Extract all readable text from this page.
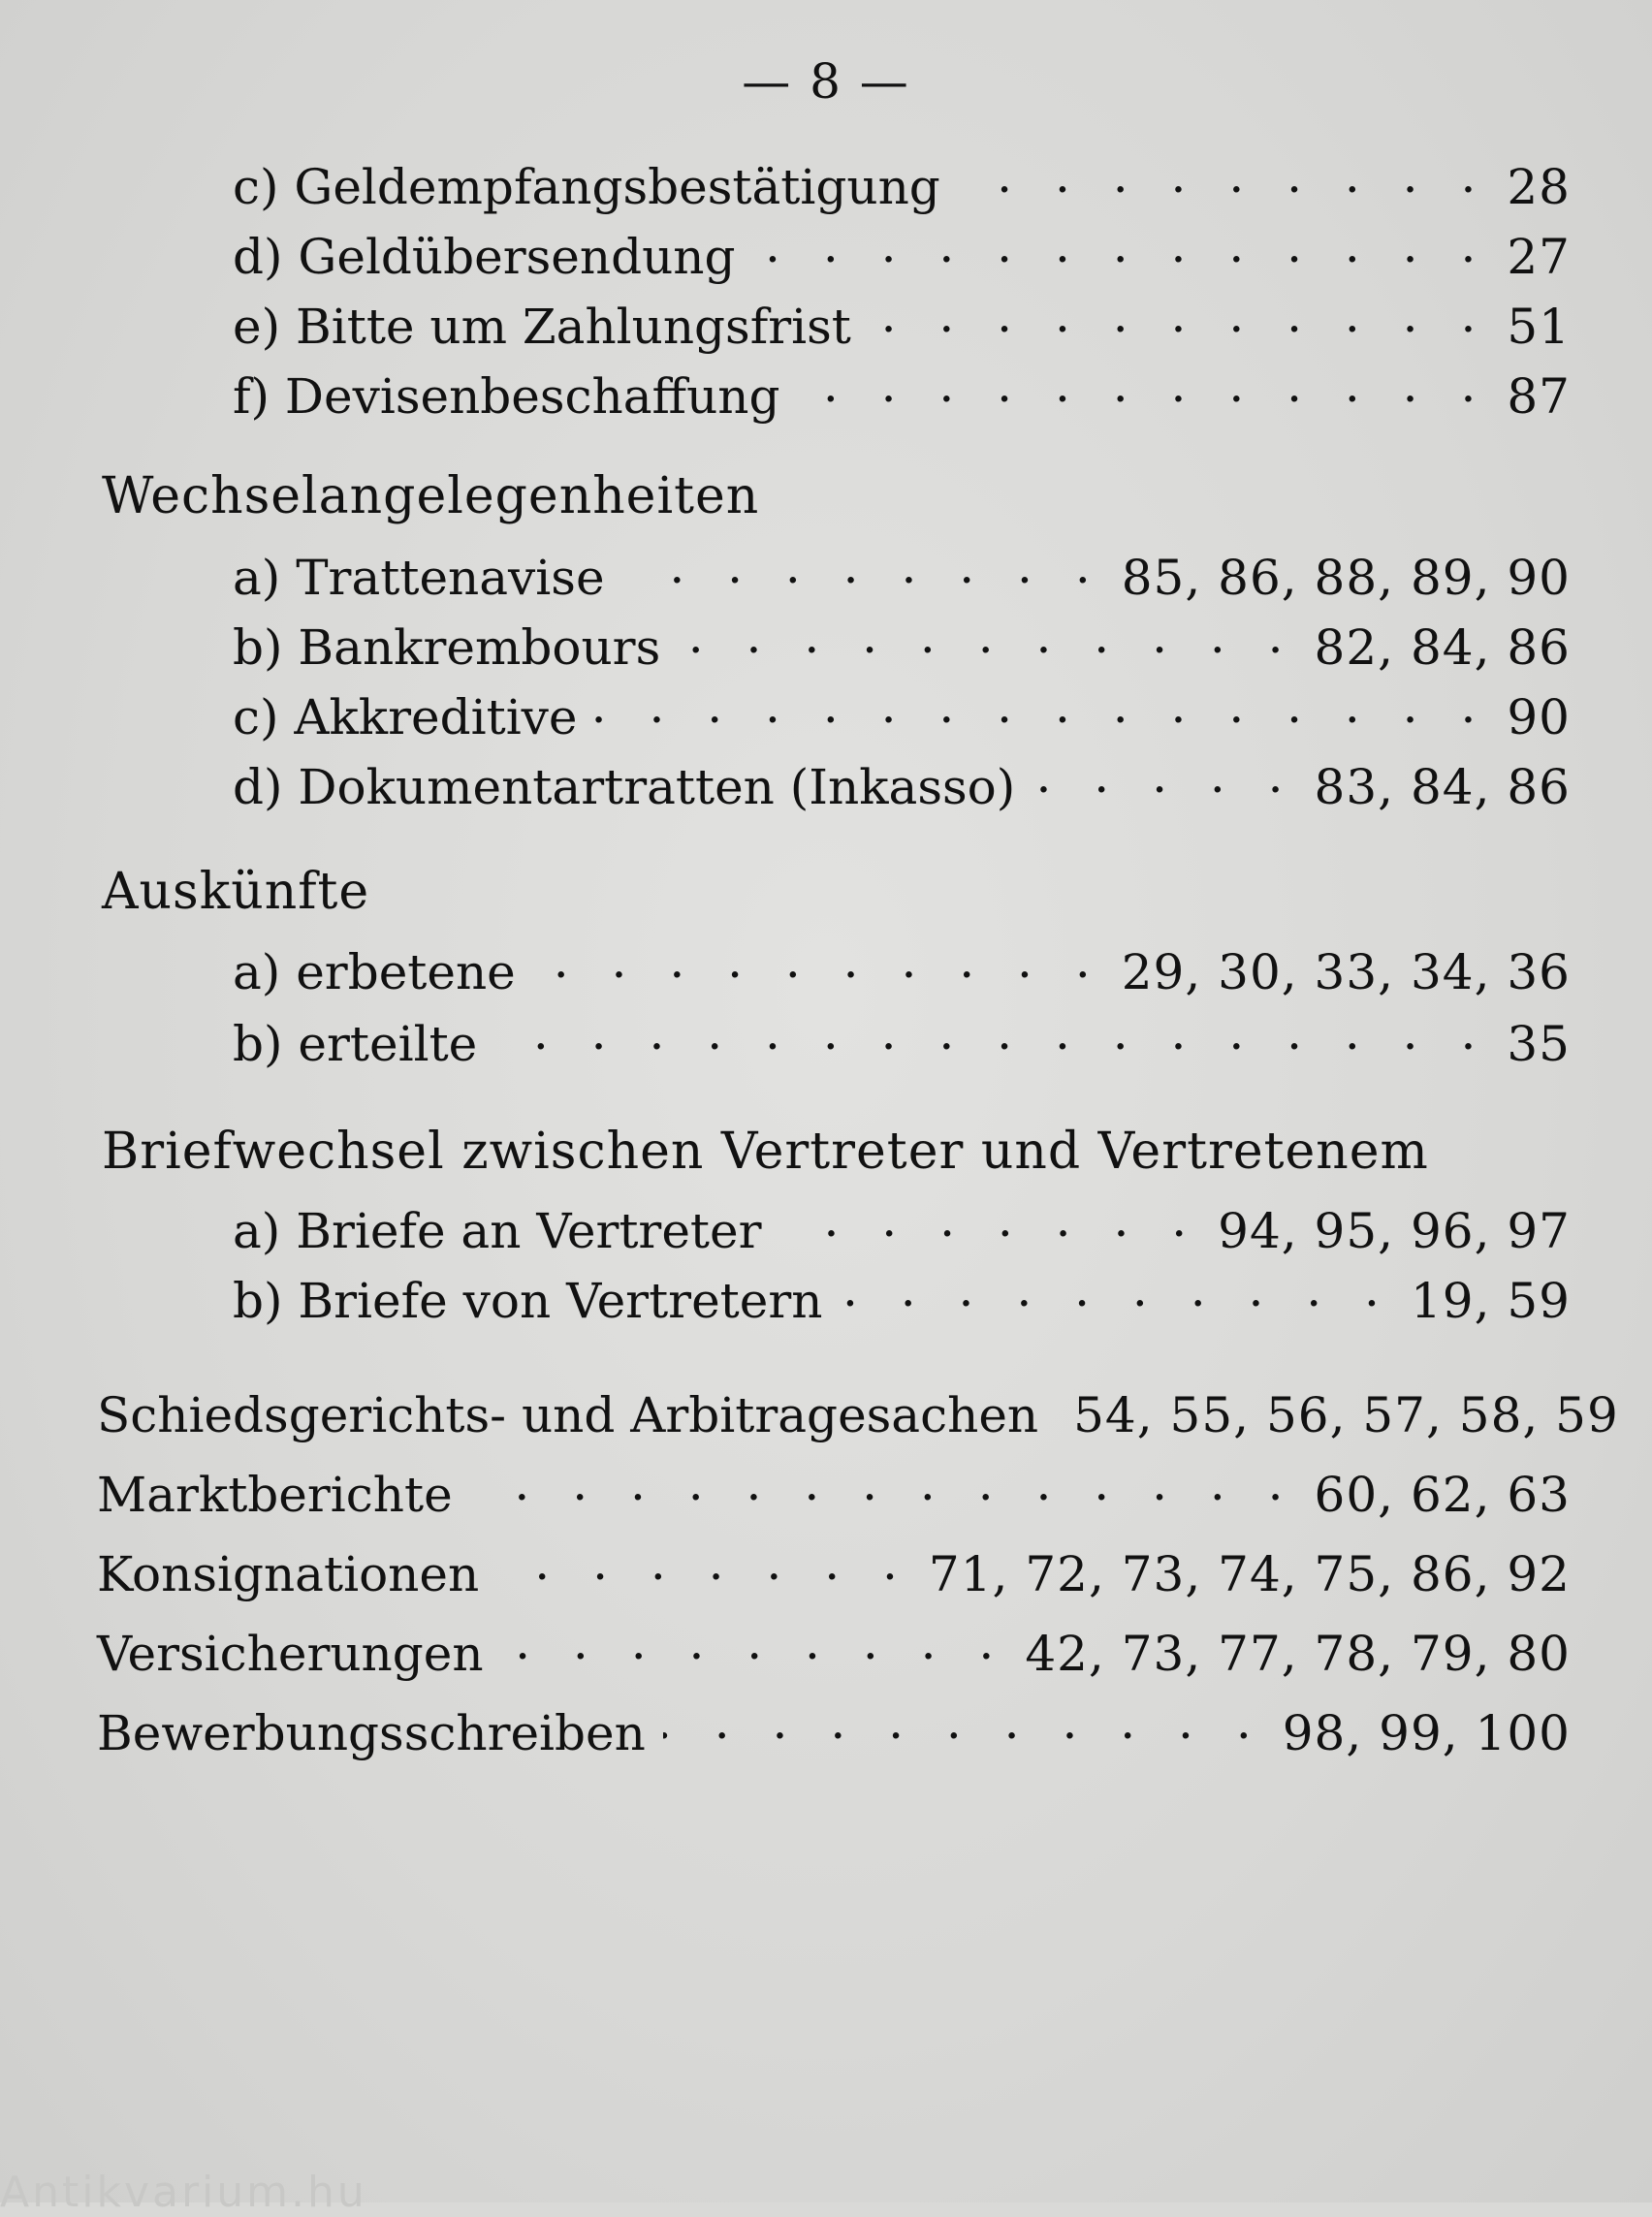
— 8 —
c) Geldempfangsbestätigung . . .	28
d) Geldübersendung . . .	27
e) Bitte um Zahlungsfrist . . .	51
f) Devisenbeschaffung . . .	87
Wechselangelegenheiten
a) Trattenavise . . .	85, 86, 88, 89, 90
b) Bankrembours . . .	82, 84, 86
c) Akkreditive . . .	90
d) Dokumentartratten (Inkasso) . . .	83, 84, 86
Auskünfte
a) erbetene . . .	29, 30, 33, 34, 36
b) erteilte . . .	35
Briefwechsel zwischen Vertreter und Vertretenem
a) Briefe an Vertreter . . .	94, 95, 96, 97
b) Briefe von Vertretern . . .	19, 59
Schiedsgerichts- und Arbitragesachen 54, 55, 56, 57, 58, 59
Marktberichte . . .	60, 62, 63
Konsignationen . . .	71, 72, 73, 74, 75, 86, 92
Versicherungen . . .	42, 73, 77, 78, 79, 80
Bewerbungsschreiben . . .	98, 99, 100
Antikvarium.hu
